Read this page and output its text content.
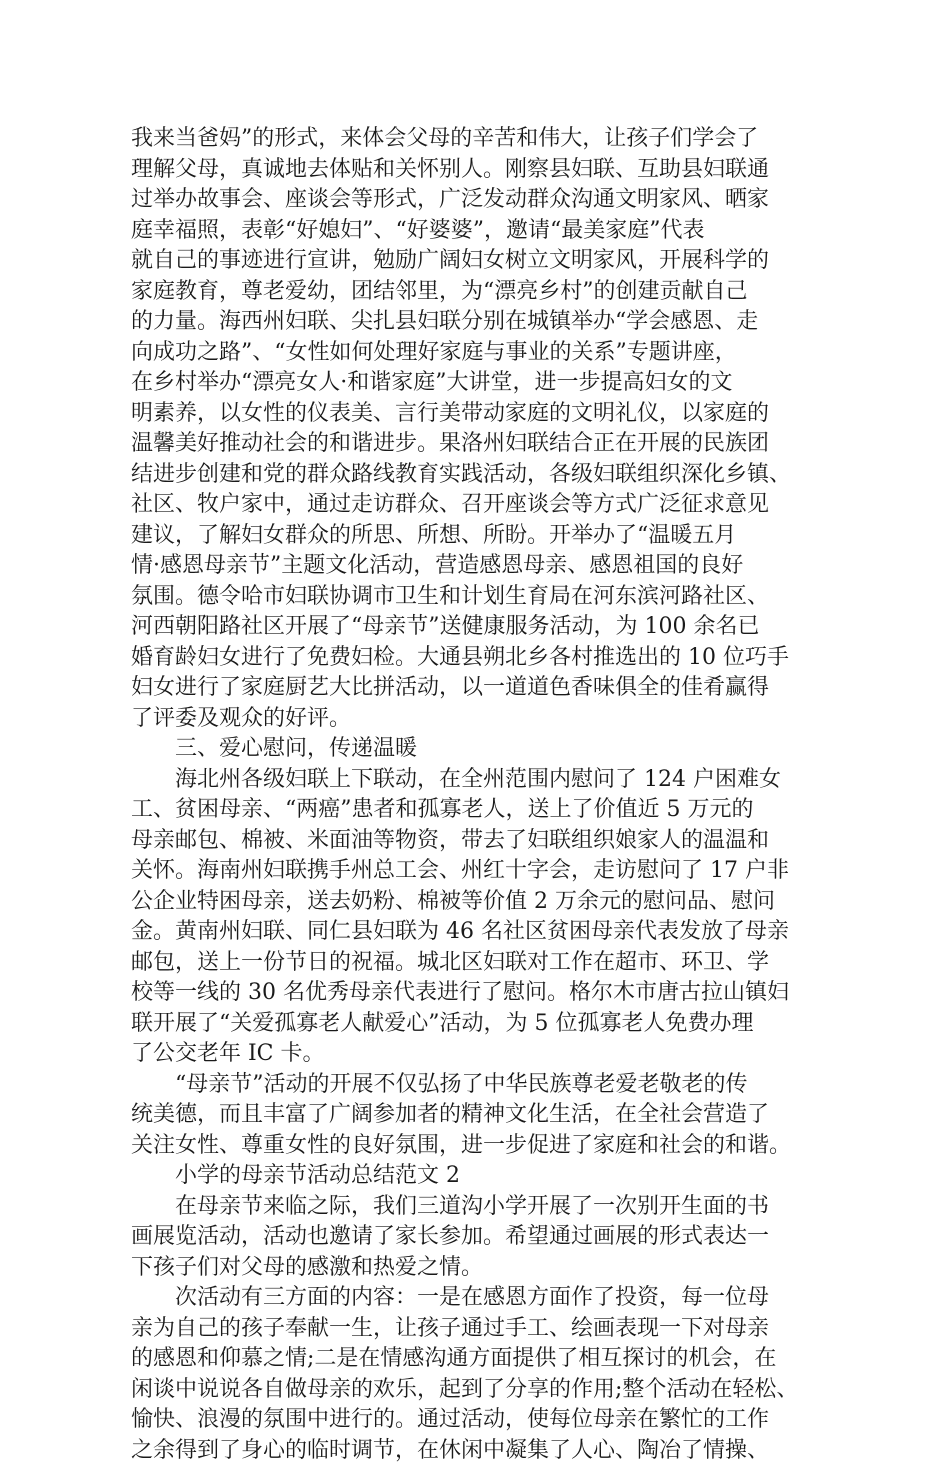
我来当爸妈”的形式，来体会父母的辛苦和伟大，让孩子们学会了
理解父母，真诚地去体贴和关怀别人。刚察县妇联、互助县妇联通
过举办故事会、座谈会等形式，广泛发动群众沟通文明家风、晒家
庭幸福照，表彰“好媳妇”、“好婆婆”，邀请“最美家庭”代表
就自己的事迹进行宣讲，勉励广阔妇女树立文明家风，开展科学的
家庭教育，尊老爱幼，团结邻里，为“漂亮乡村”的创建贡献自己
的力量。海西州妇联、尖扎县妇联分别在城镇举办“学会感恩、走
向成功之路”、“女性如何处理好家庭与事业的关系”专题讲座，
在乡村举办“漂亮女人·和谐家庭”大讲堂，进一步提高妇女的文
明素养，以女性的仪表美、言行美带动家庭的文明礼仪，以家庭的
温馨美好推动社会的和谐进步。果洛州妇联结合正在开展的民族团
结进步创建和党的群众路线教育实践活动，各级妇联组织深化乡镇、
社区、牧户家中，通过走访群众、召开座谈会等方式广泛征求意见
建议，了解妇女群众的所思、所想、所盼。开举办了“温暖五月
情·感恩母亲节”主题文化活动，营造感恩母亲、感恩祖国的良好
氛围。德令哈市妇联协调市卫生和计划生育局在河东滨河路社区、
河西朝阳路社区开展了“母亲节”送健康服务活动，为 100 余名已
婚育龄妇女进行了免费妇检。大通县朔北乡各村推选出的 10 位巧手
妇女进行了家庭厨艺大比拼活动，以一道道色香味俱全的佳肴赢得
了评委及观众的好评。
三、爱心慰问，传递温暖
海北州各级妇联上下联动，在全州范围内慰问了 124 户困难女
工、贫困母亲、“两癌”患者和孤寡老人，送上了价值近 5 万元的
母亲邮包、棉被、米面油等物资，带去了妇联组织娘家人的温温和
关怀。海南州妇联携手州总工会、州红十字会，走访慰问了 17 户非
公企业特困母亲，送去奶粉、棉被等价值 2 万余元的慰问品、慰问
金。黄南州妇联、同仁县妇联为 46 名社区贫困母亲代表发放了母亲
邮包，送上一份节日的祝福。城北区妇联对工作在超市、环卫、学
校等一线的 30 名优秀母亲代表进行了慰问。格尔木市唐古拉山镇妇
联开展了“关爱孤寡老人献爱心”活动，为 5 位孤寡老人免费办理
了公交老年 IC 卡。
“母亲节”活动的开展不仅弘扬了中华民族尊老爱老敬老的传
统美德，而且丰富了广阔参加者的精神文化生活，在全社会营造了
关注女性、尊重女性的良好氛围，进一步促进了家庭和社会的和谐。
小学的母亲节活动总结范文 2
在母亲节来临之际，我们三道沟小学开展了一次别开生面的书
画展览活动，活动也邀请了家长参加。希望通过画展的形式表达一
下孩子们对父母的感激和热爱之情。
次活动有三方面的内容：一是在感恩方面作了投资，每一位母
亲为自己的孩子奉献一生，让孩子通过手工、绘画表现一下对母亲
的感恩和仰慕之情;二是在情感沟通方面提供了相互探讨的机会，在
闲谈中说说各自做母亲的欢乐，起到了分享的作用;整个活动在轻松、
愉快、浪漫的氛围中进行的。通过活动，使每位母亲在繁忙的工作
之余得到了身心的临时调节，在休闲中凝集了人心、陶冶了情操、
